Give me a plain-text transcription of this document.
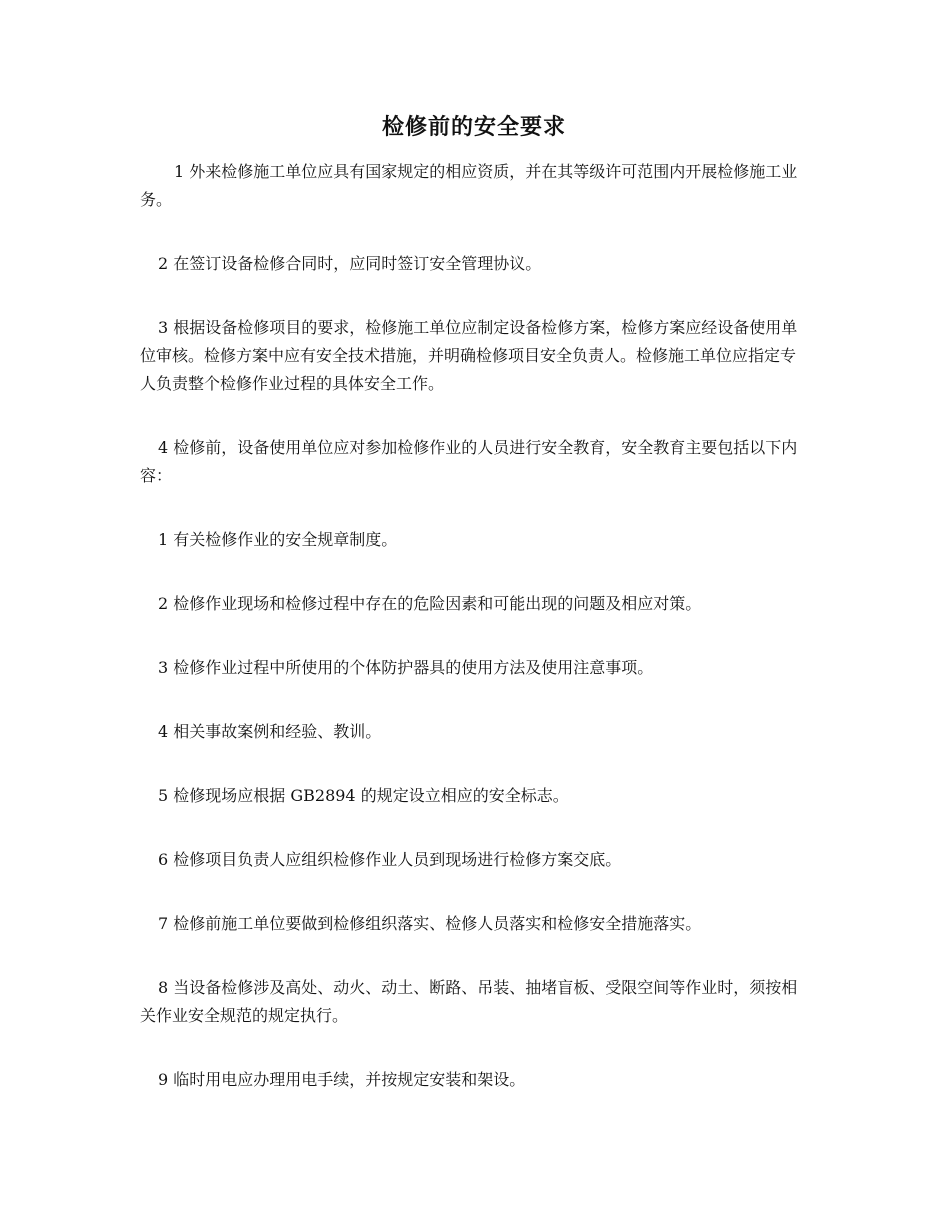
检修前的安全要求

1 外来检修施工单位应具有国家规定的相应资质，并在其等级许可范围内开展检修施工业务。

2 在签订设备检修合同时，应同时签订安全管理协议。

3 根据设备检修项目的要求，检修施工单位应制定设备检修方案，检修方案应经设备使用单位审核。检修方案中应有安全技术措施，并明确检修项目安全负责人。检修施工单位应指定专人负责整个检修作业过程的具体安全工作。

4 检修前，设备使用单位应对参加检修作业的人员进行安全教育，安全教育主要包括以下内容：

1 有关检修作业的安全规章制度。

2 检修作业现场和检修过程中存在的危险因素和可能出现的问题及相应对策。

3 检修作业过程中所使用的个体防护器具的使用方法及使用注意事项。

4 相关事故案例和经验、教训。

5 检修现场应根据 GB2894 的规定设立相应的安全标志。

6 检修项目负责人应组织检修作业人员到现场进行检修方案交底。

7 检修前施工单位要做到检修组织落实、检修人员落实和检修安全措施落实。

8 当设备检修涉及高处、动火、动土、断路、吊装、抽堵盲板、受限空间等作业时，须按相关作业安全规范的规定执行。

9 临时用电应办理用电手续，并按规定安装和架设。
